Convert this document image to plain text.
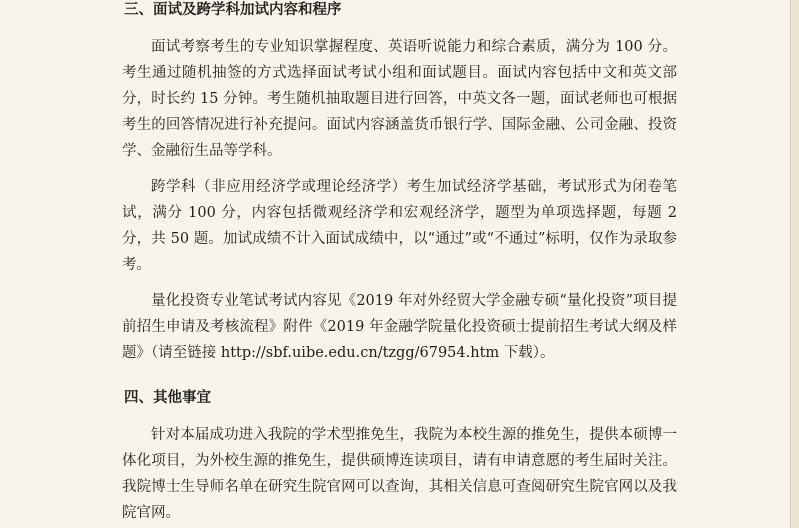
三、面试及跨学科加试内容和程序

面试考察考生的专业知识掌握程度、英语听说能力和综合素质，满分为 100 分。考生通过随机抽签的方式选择面试考试小组和面试题目。面试内容包括中文和英文部分，时长约 15 分钟。考生随机抽取题目进行回答，中英文各一题，面试老师也可根据考生的回答情况进行补充提问。面试内容涵盖货币银行学、国际金融、公司金融、投资学、金融衍生品等学科。

跨学科（非应用经济学或理论经济学）考生加试经济学基础，考试形式为闭卷笔试，满分 100 分，内容包括微观经济学和宏观经济学，题型为单项选择题，每题 2 分，共 50 题。加试成绩不计入面试成绩中，以“通过”或“不通过”标明，仅作为录取参考。

量化投资专业笔试考试内容见《2019 年对外经贸大学金融专硕“量化投资”项目提前招生申请及考核流程》附件《2019 年金融学院量化投资硕士提前招生考试大纲及样题》（请至链接 http://sbf.uibe.edu.cn/tzgg/67954.htm 下载）。

四、其他事宜

针对本届成功进入我院的学术型推免生，我院为本校生源的推免生，提供本硕博一体化项目，为外校生源的推免生，提供硕博连读项目，请有申请意愿的考生届时关注。我院博士生导师名单在研究生院官网可以查询，其相关信息可查阅研究生院官网以及我院官网。
